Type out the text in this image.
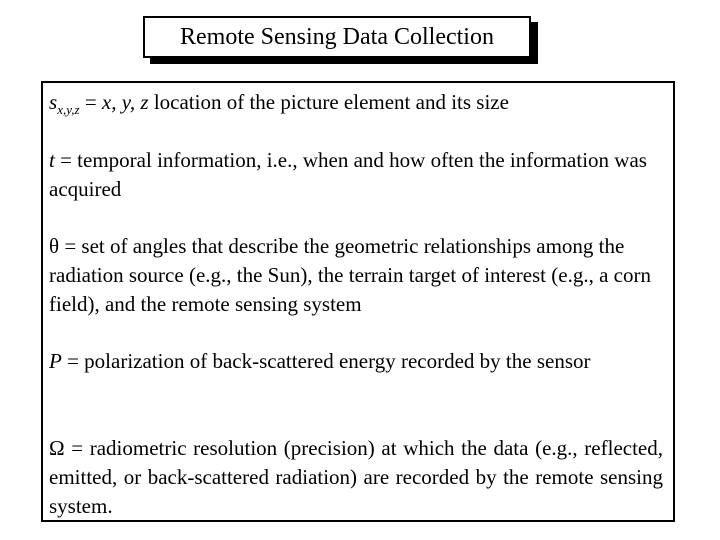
Remote Sensing Data Collection
$s_{x,y,z} = x$, y, z location of the picture element and its size
t = temporal information, i.e., when and how often the information was acquired
θ = set of angles that describe the geometric relationships among the radiation source (e.g., the Sun), the terrain target of interest (e.g., a corn field), and the remote sensing system
P = polarization of back-scattered energy recorded by the sensor
Ω = radiometric resolution (precision) at which the data (e.g., reflected, emitted, or back-scattered radiation) are recorded by the remote sensing system.
